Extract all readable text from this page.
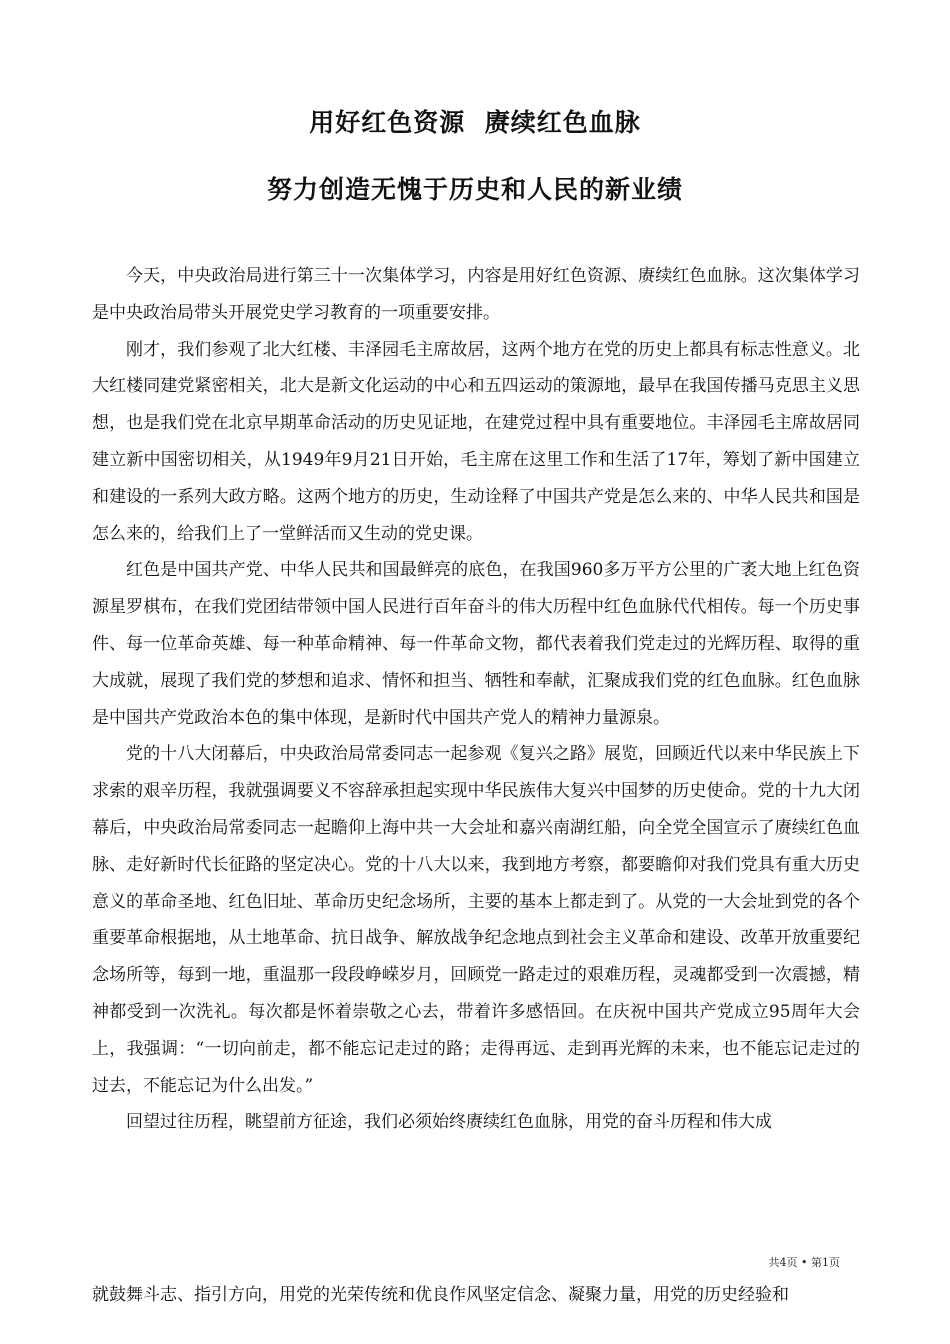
用好红色资源  赓续红色血脉
努力创造无愧于历史和人民的新业绩

今天，中央政治局进行第三十一次集体学习，内容是用好红色资源、赓续红色血脉。这次集体学习是中央政治局带头开展党史学习教育的一项重要安排。

刚才，我们参观了北大红楼、丰泽园毛主席故居，这两个地方在党的历史上都具有标志性意义。北大红楼同建党紧密相关，北大是新文化运动的中心和五四运动的策源地，最早在我国传播马克思主义思想，也是我们党在北京早期革命活动的历史见证地，在建党过程中具有重要地位。丰泽园毛主席故居同建立新中国密切相关，从1949年9月21日开始，毛主席在这里工作和生活了17年，筹划了新中国建立和建设的一系列大政方略。这两个地方的历史，生动诠释了中国共产党是怎么来的、中华人民共和国是怎么来的，给我们上了一堂鲜活而又生动的党史课。

红色是中国共产党、中华人民共和国最鲜亮的底色，在我国960多万平方公里的广袤大地上红色资源星罗棋布，在我们党团结带领中国人民进行百年奋斗的伟大历程中红色血脉代代相传。每一个历史事件、每一位革命英雄、每一种革命精神、每一件革命文物，都代表着我们党走过的光辉历程、取得的重大成就，展现了我们党的梦想和追求、情怀和担当、牺牲和奉献，汇聚成我们党的红色血脉。红色血脉是中国共产党政治本色的集中体现，是新时代中国共产党人的精神力量源泉。

党的十八大闭幕后，中央政治局常委同志一起参观《复兴之路》展览，回顾近代以来中华民族上下求索的艰辛历程，我就强调要义不容辞承担起实现中华民族伟大复兴中国梦的历史使命。党的十九大闭幕后，中央政治局常委同志一起瞻仰上海中共一大会址和嘉兴南湖红船，向全党全国宣示了赓续红色血脉、走好新时代长征路的坚定决心。党的十八大以来，我到地方考察，都要瞻仰对我们党具有重大历史意义的革命圣地、红色旧址、革命历史纪念场所，主要的基本上都走到了。从党的一大会址到党的各个重要革命根据地，从土地革命、抗日战争、解放战争纪念地点到社会主义革命和建设、改革开放重要纪念场所等，每到一地，重温那一段段峥嵘岁月，回顾党一路走过的艰难历程，灵魂都受到一次震撼，精神都受到一次洗礼。每次都是怀着崇敬之心去，带着许多感悟回。在庆祝中国共产党成立95周年大会上，我强调：“一切向前走，都不能忘记走过的路；走得再远、走到再光辉的未来，也不能忘记走过的过去，不能忘记为什么出发。”

回望过往历程，眺望前方征途，我们必须始终赓续红色血脉，用党的奋斗历程和伟大成

共4页 • 第1页

就鼓舞斗志、指引方向，用党的光荣传统和优良作风坚定信念、凝聚力量，用党的历史经验和
